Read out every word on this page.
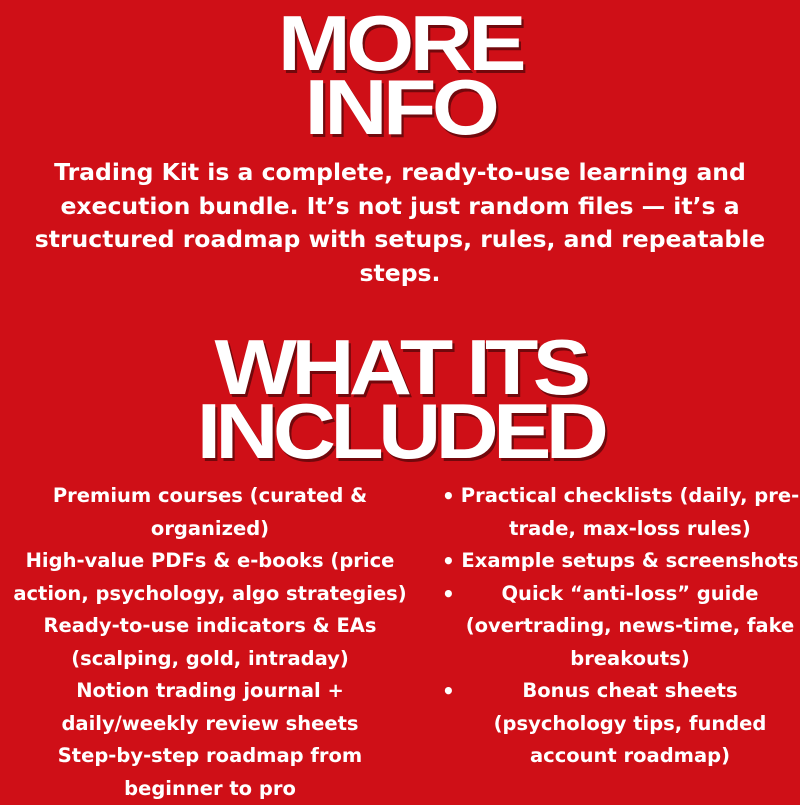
MORE
INFO
Trading Kit is a complete, ready-to-use learning and execution bundle. It’s not just random files — it’s a structured roadmap with setups, rules, and repeatable steps.
WHAT ITS
INCLUDED
Premium courses (curated & organized)
High-value PDFs & e-books (price action, psychology, algo strategies)
Ready-to-use indicators & EAs (scalping, gold, intraday)
Notion trading journal + daily/weekly review sheets
Step-by-step roadmap from beginner to pro
• Practical checklists (daily, pre-trade, max-loss rules)
• Example setups & screenshots
• Quick “anti-loss” guide (overtrading, news-time, fake breakouts)
•	Bonus cheat sheets (psychology tips, funded account roadmap)
